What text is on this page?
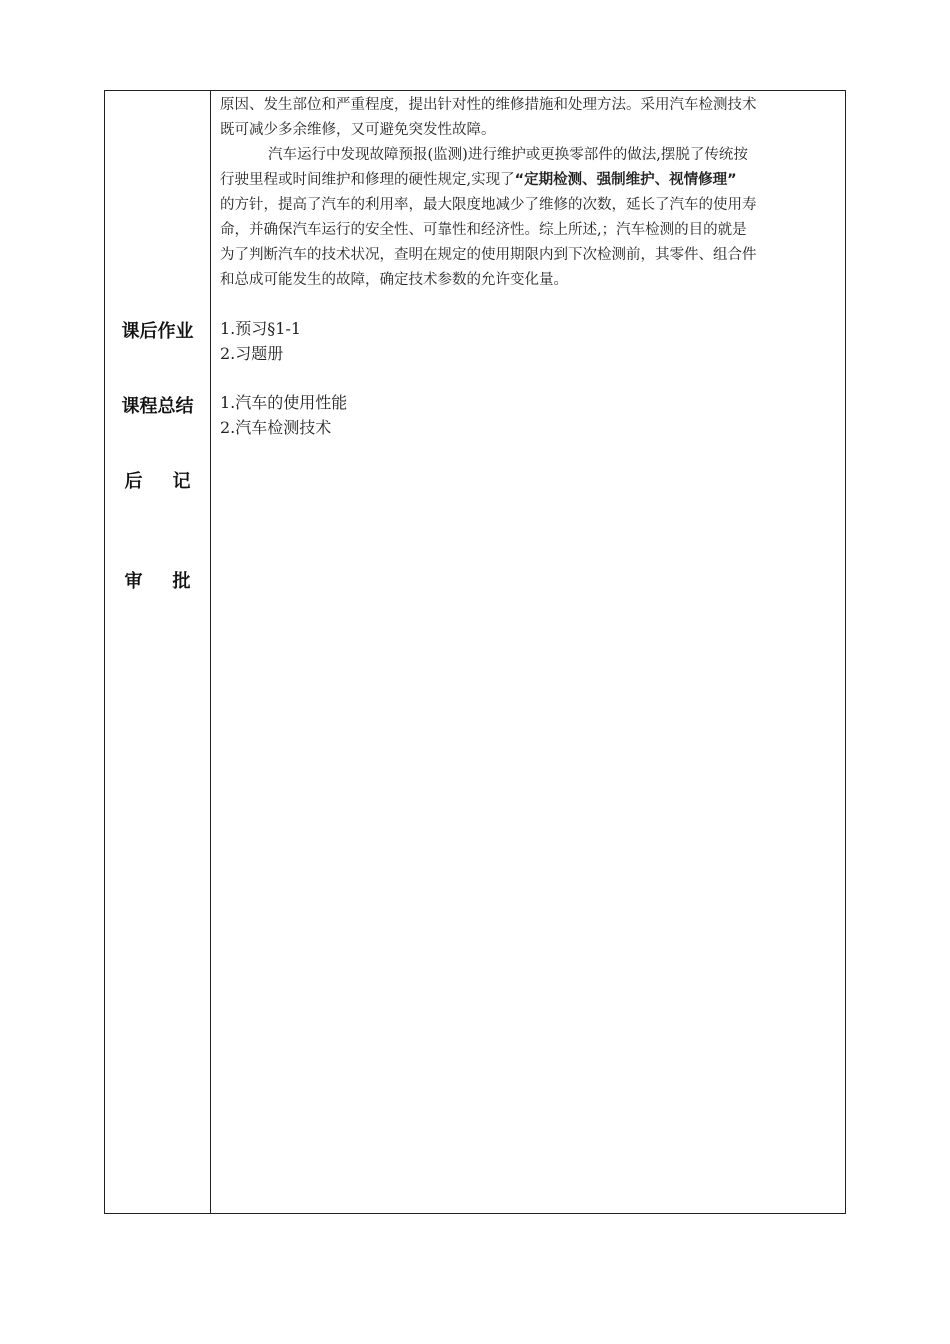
原因、发生部位和严重程度，提出针对性的维修措施和处理方法。采用汽车检测技术
既可减少多余维修，又可避免突发性故障。
汽车运行中发现故障预报(监测)进行维护或更换零部件的做法,摆脱了传统按
行驶里程或时间维护和修理的硬性规定,实现了“定期检测、强制维护、视情修理”
的方针，提高了汽车的利用率，最大限度地减少了维修的次数，延长了汽车的使用寿
命，并确保汽车运行的安全性、可靠性和经济性。综上所述,；汽车检测的目的就是
为了判断汽车的技术状况，查明在规定的使用期限内到下次检测前，其零件、组合件
和总成可能发生的故障，确定技术参数的允许变化量。
课后作业	1.预习§1-1
2.习题册
课程总结	1.汽车的使用性能
2.汽车检测技术
后 记
审 批
